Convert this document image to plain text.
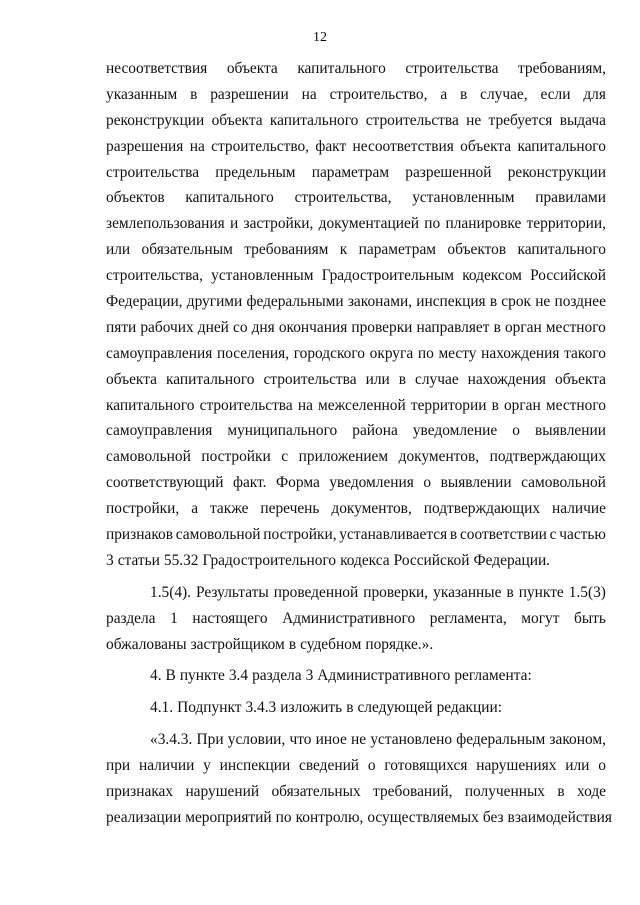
12
несоответствия объекта капитального строительства требованиям,
указанным в разрешении на строительство, а в случае, если для
реконструкции объекта капитального строительства не требуется выдача
разрешения на строительство, факт несоответствия объекта капитального
строительства предельным параметрам разрешенной реконструкции
объектов капитального строительства, установленным правилами
землепользования и застройки, документацией по планировке территории,
или обязательным требованиям к параметрам объектов капитального
строительства, установленным Градостроительным кодексом Российской
Федерации, другими федеральными законами, инспекция в срок не позднее
пяти рабочих дней со дня окончания проверки направляет в орган местного
самоуправления поселения, городского округа по месту нахождения такого
объекта капитального строительства или в случае нахождения объекта
капитального строительства на межселенной территории в орган местного
самоуправления муниципального района уведомление о выявлении
самовольной постройки с приложением документов, подтверждающих
соответствующий факт. Форма уведомления о выявлении самовольной
постройки, а также перечень документов, подтверждающих наличие
признаков самовольной постройки, устанавливается в соответствии с частью
3 статьи 55.32 Градостроительного кодекса Российской Федерации.
1.5(4). Результаты проведенной проверки, указанные в пункте 1.5(3)
раздела 1 настоящего Административного регламента, могут быть
обжалованы застройщиком в судебном порядке.».
4. В пункте 3.4 раздела 3 Административного регламента:
4.1. Подпункт 3.4.3 изложить в следующей редакции:
«3.4.3. При условии, что иное не установлено федеральным законом,
при наличии у инспекции сведений о готовящихся нарушениях или о
признаках нарушений обязательных требований, полученных в ходе
реализации мероприятий по контролю, осуществляемых без взаимодействия
